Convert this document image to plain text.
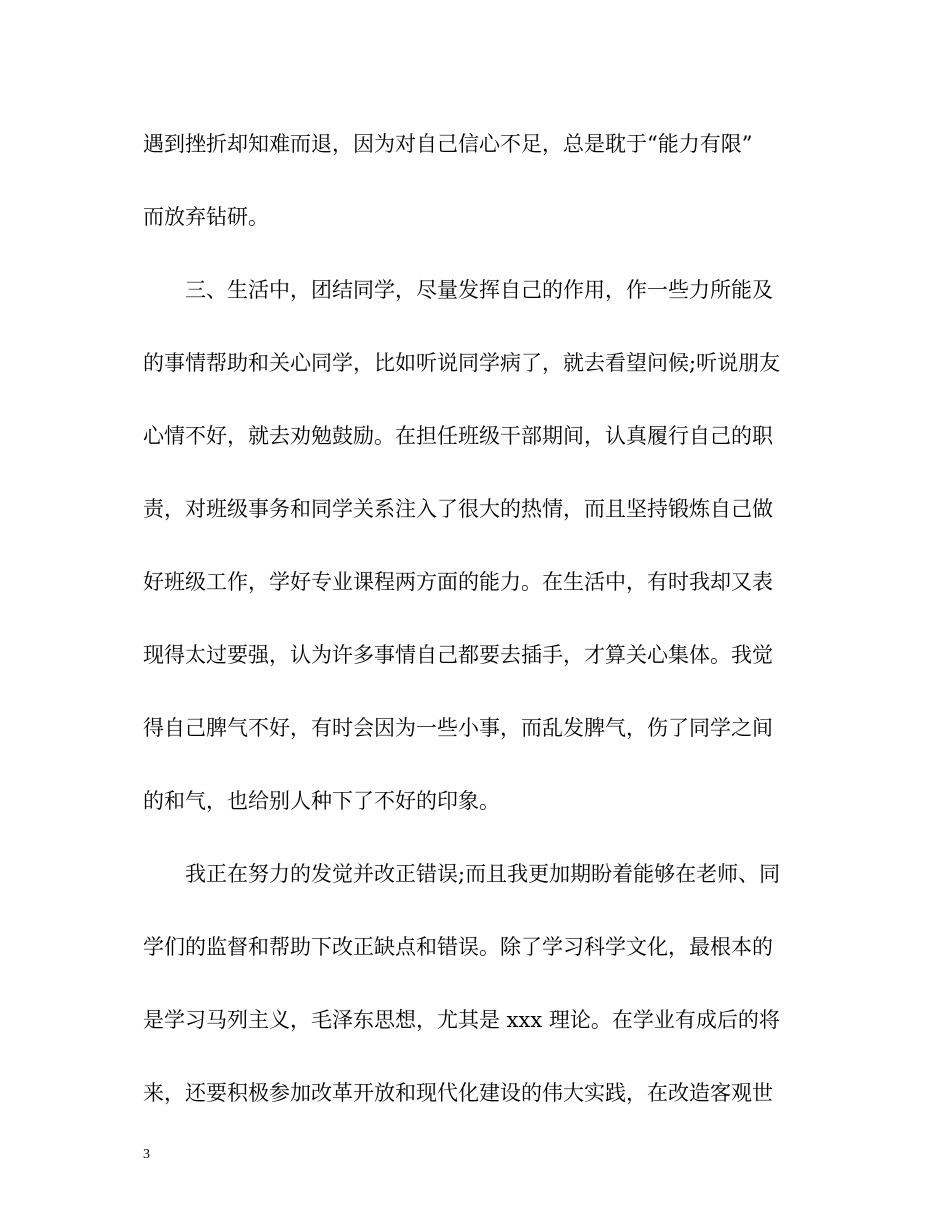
遇到挫折却知难而退，因为对自己信心不足，总是耽于“能力有限”
而放弃钻研。
三、生活中，团结同学，尽量发挥自己的作用，作一些力所能及
的事情帮助和关心同学，比如听说同学病了，就去看望问候;听说朋友
心情不好，就去劝勉鼓励。在担任班级干部期间，认真履行自己的职
责，对班级事务和同学关系注入了很大的热情，而且坚持锻炼自己做
好班级工作，学好专业课程两方面的能力。在生活中，有时我却又表
现得太过要强，认为许多事情自己都要去插手，才算关心集体。我觉
得自己脾气不好，有时会因为一些小事，而乱发脾气，伤了同学之间
的和气，也给别人种下了不好的印象。
我正在努力的发觉并改正错误;而且我更加期盼着能够在老师、同
学们的监督和帮助下改正缺点和错误。除了学习科学文化，最根本的
是学习马列主义，毛泽东思想，尤其是 xxx 理论。在学业有成后的将
来，还要积极参加改革开放和现代化建设的伟大实践，在改造客观世
3
